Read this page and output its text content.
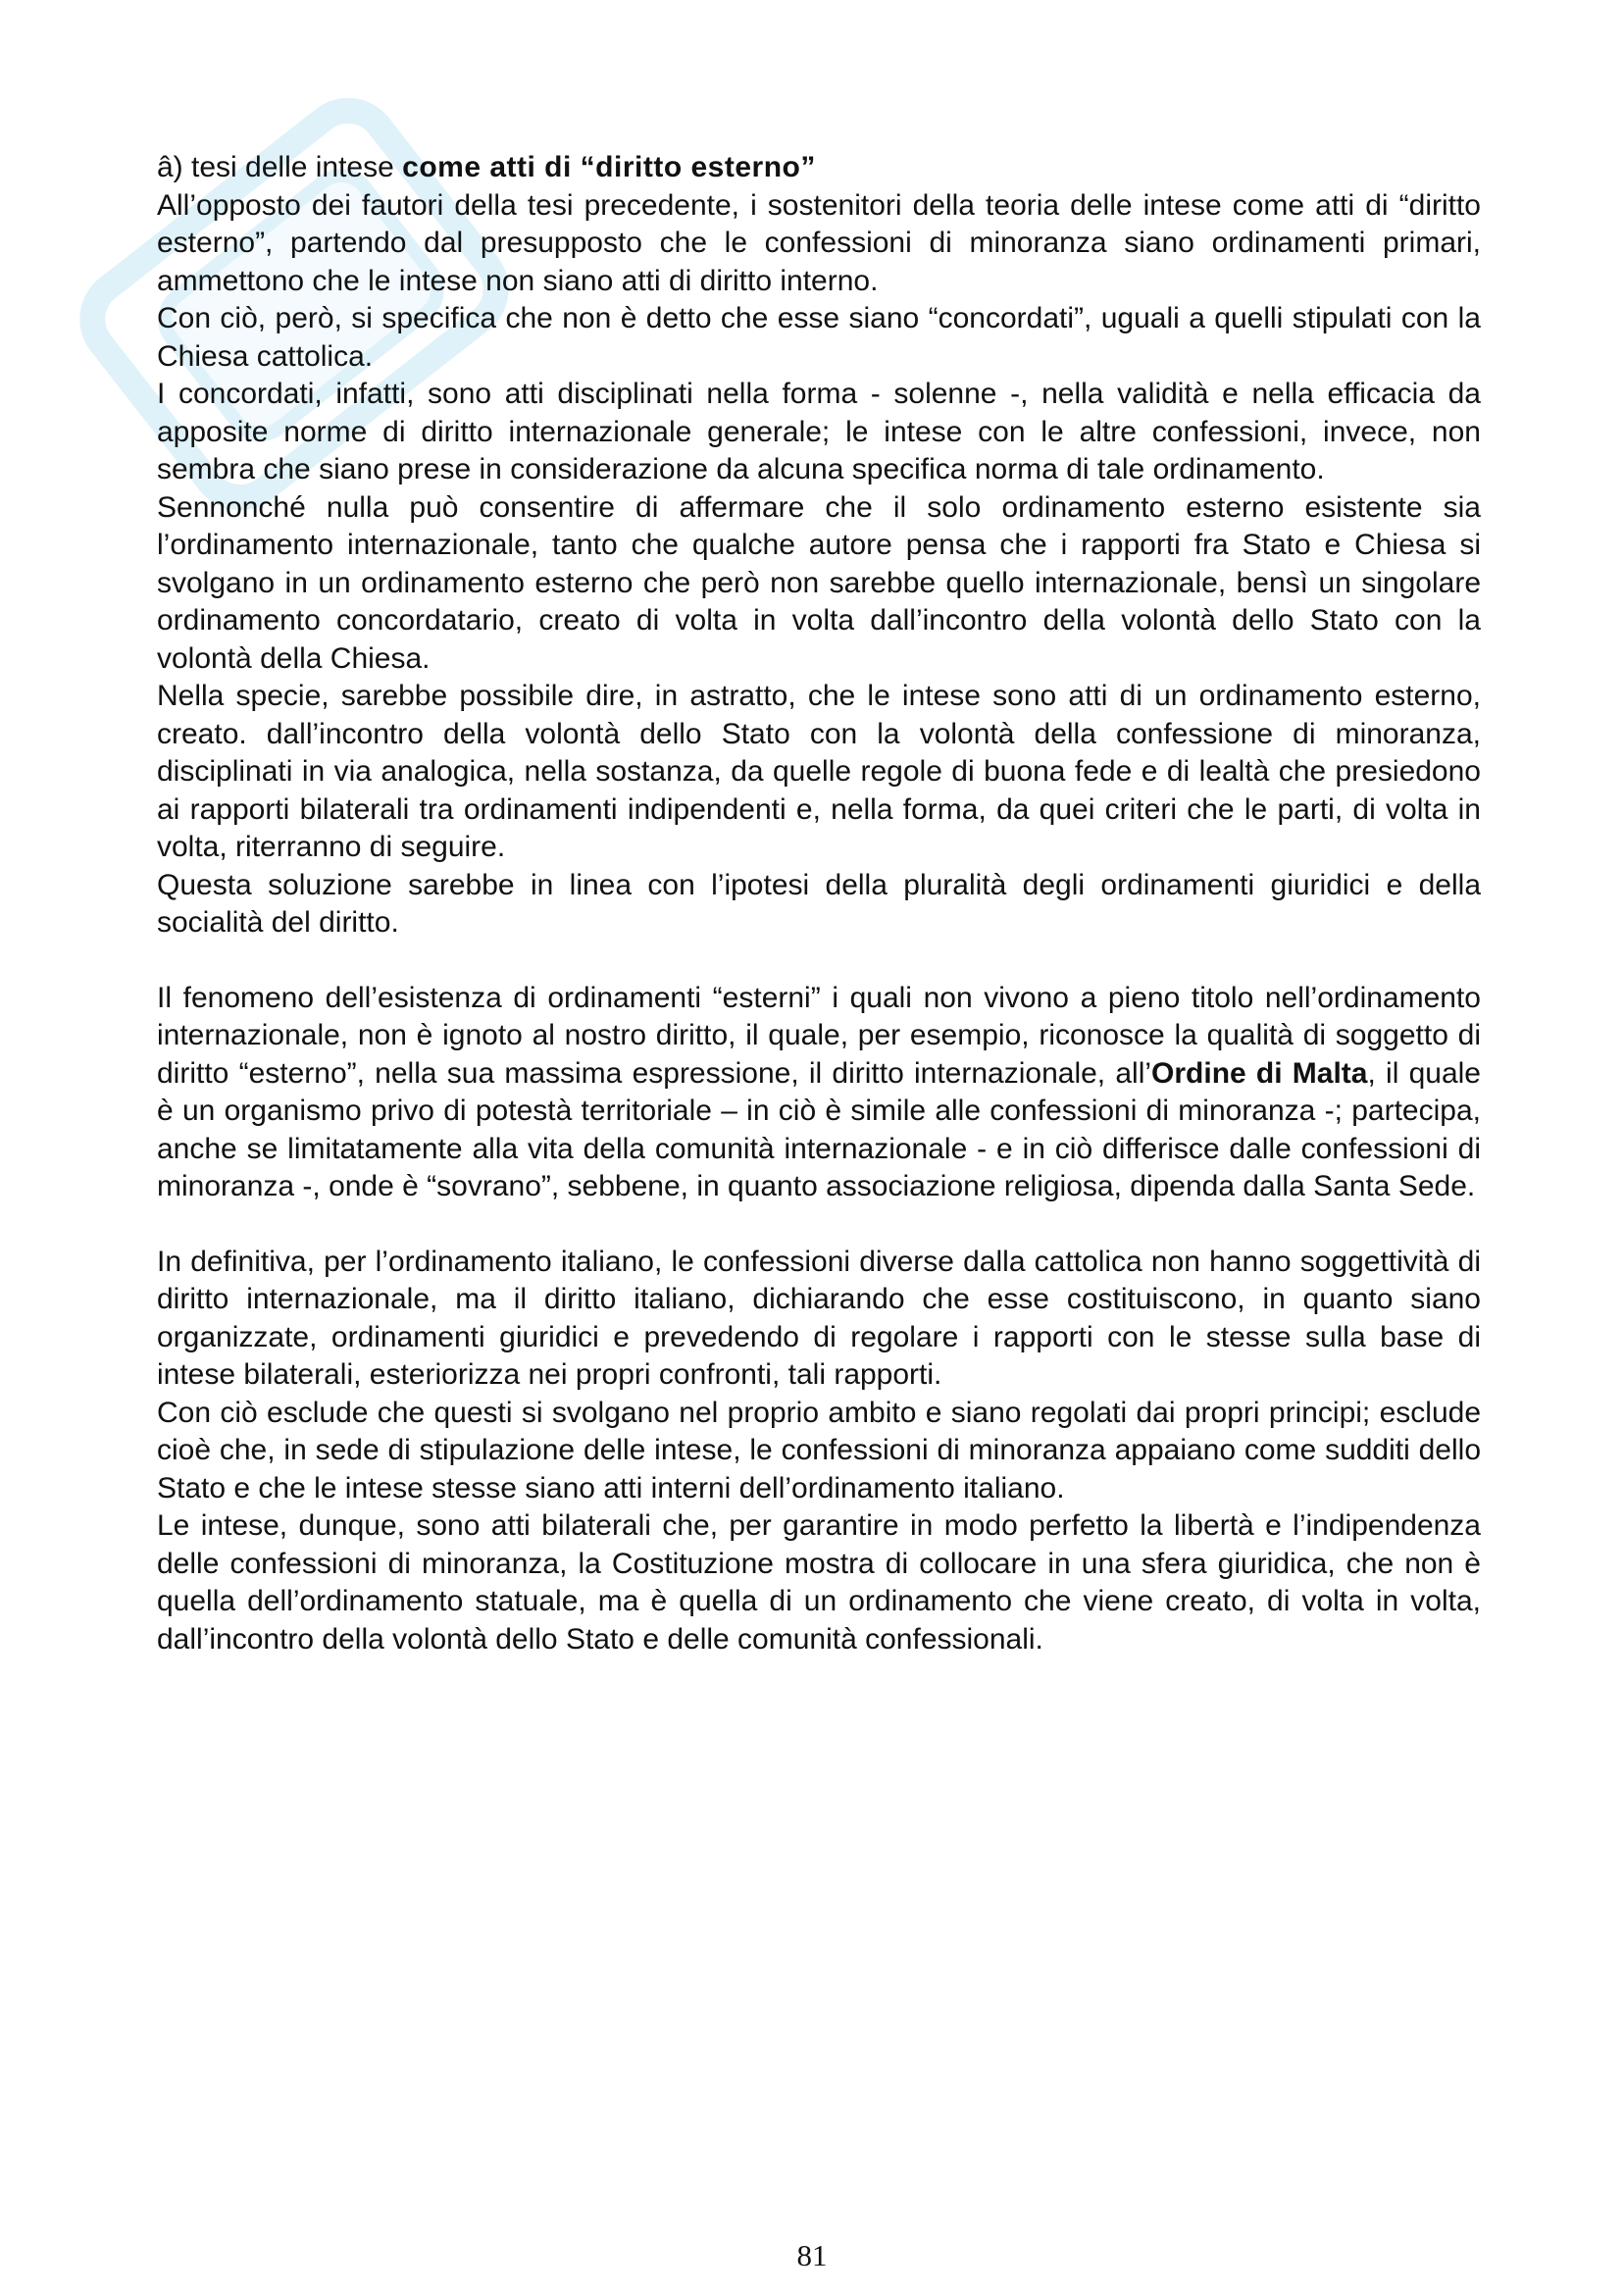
â) tesi delle intese come atti di “diritto esterno”

All’opposto dei fautori della tesi precedente, i sostenitori della teoria delle intese come atti di “diritto esterno”, partendo dal presupposto che le confessioni di minoranza siano ordinamenti primari, ammettono che le intese non siano atti di diritto interno.

Con ciò, però, si specifica che non è detto che esse siano “concordati”, uguali a quelli stipulati con la Chiesa cattolica.

I concordati, infatti, sono atti disciplinati nella forma - solenne -, nella validità e nella efficacia da apposite norme di diritto internazionale generale; le intese con le altre confessioni, invece, non sembra che siano prese in considerazione da alcuna specifica norma di tale ordinamento.

Sennonché nulla può consentire di affermare che il solo ordinamento esterno esistente sia l’ordinamento internazionale, tanto che qualche autore pensa che i rapporti fra Stato e Chiesa si svolgano in un ordinamento esterno che però non sarebbe quello internazionale, bensì un singolare ordinamento concordatario, creato di volta in volta dall’incontro della volontà dello Stato con la volontà della Chiesa.

Nella specie, sarebbe possibile dire, in astratto, che le intese sono atti di un ordinamento esterno, creato. dall’incontro della volontà dello Stato con la volontà della confessione di minoranza, disciplinati in via analogica, nella sostanza, da quelle regole di buona fede e di lealtà che presiedono ai rapporti bilaterali tra ordinamenti indipendenti e, nella forma, da quei criteri che le parti, di volta in volta, riterranno di seguire.

Questa soluzione sarebbe in linea con l’ipotesi della pluralità degli ordinamenti giuridici e della socialità del diritto.

Il fenomeno dell’esistenza di ordinamenti “esterni” i quali non vivono a pieno titolo nell’ordinamento internazionale, non è ignoto al nostro diritto, il quale, per esempio, riconosce la qualità di soggetto di diritto “esterno”, nella sua massima espressione, il diritto internazionale, all’Ordine di Malta, il quale è un organismo privo di potestà territoriale – in ciò è simile alle confessioni di minoranza -; partecipa, anche se limitatamente alla vita della comunità internazionale - e in ciò differisce dalle confessioni di minoranza -, onde è “sovrano”, sebbene, in quanto associazione religiosa, dipenda dalla Santa Sede.

In definitiva, per l’ordinamento italiano, le confessioni diverse dalla cattolica non hanno soggettività di diritto internazionale, ma il diritto italiano, dichiarando che esse costituiscono, in quanto siano organizzate, ordinamenti giuridici e prevedendo di regolare i rapporti con le stesse sulla base di intese bilaterali, esteriorizza nei propri confronti, tali rapporti.

Con ciò esclude che questi si svolgano nel proprio ambito e siano regolati dai propri principi; esclude cioè che, in sede di stipulazione delle intese, le confessioni di minoranza appaiano come sudditi dello Stato e che le intese stesse siano atti interni dell’ordinamento italiano.

Le intese, dunque, sono atti bilaterali che, per garantire in modo perfetto la libertà e l’indipendenza delle confessioni di minoranza, la Costituzione mostra di collocare in una sfera giuridica, che non è quella dell’ordinamento statuale, ma è quella di un ordinamento che viene creato, di volta in volta, dall’incontro della volontà dello Stato e delle comunità confessionali.

81
